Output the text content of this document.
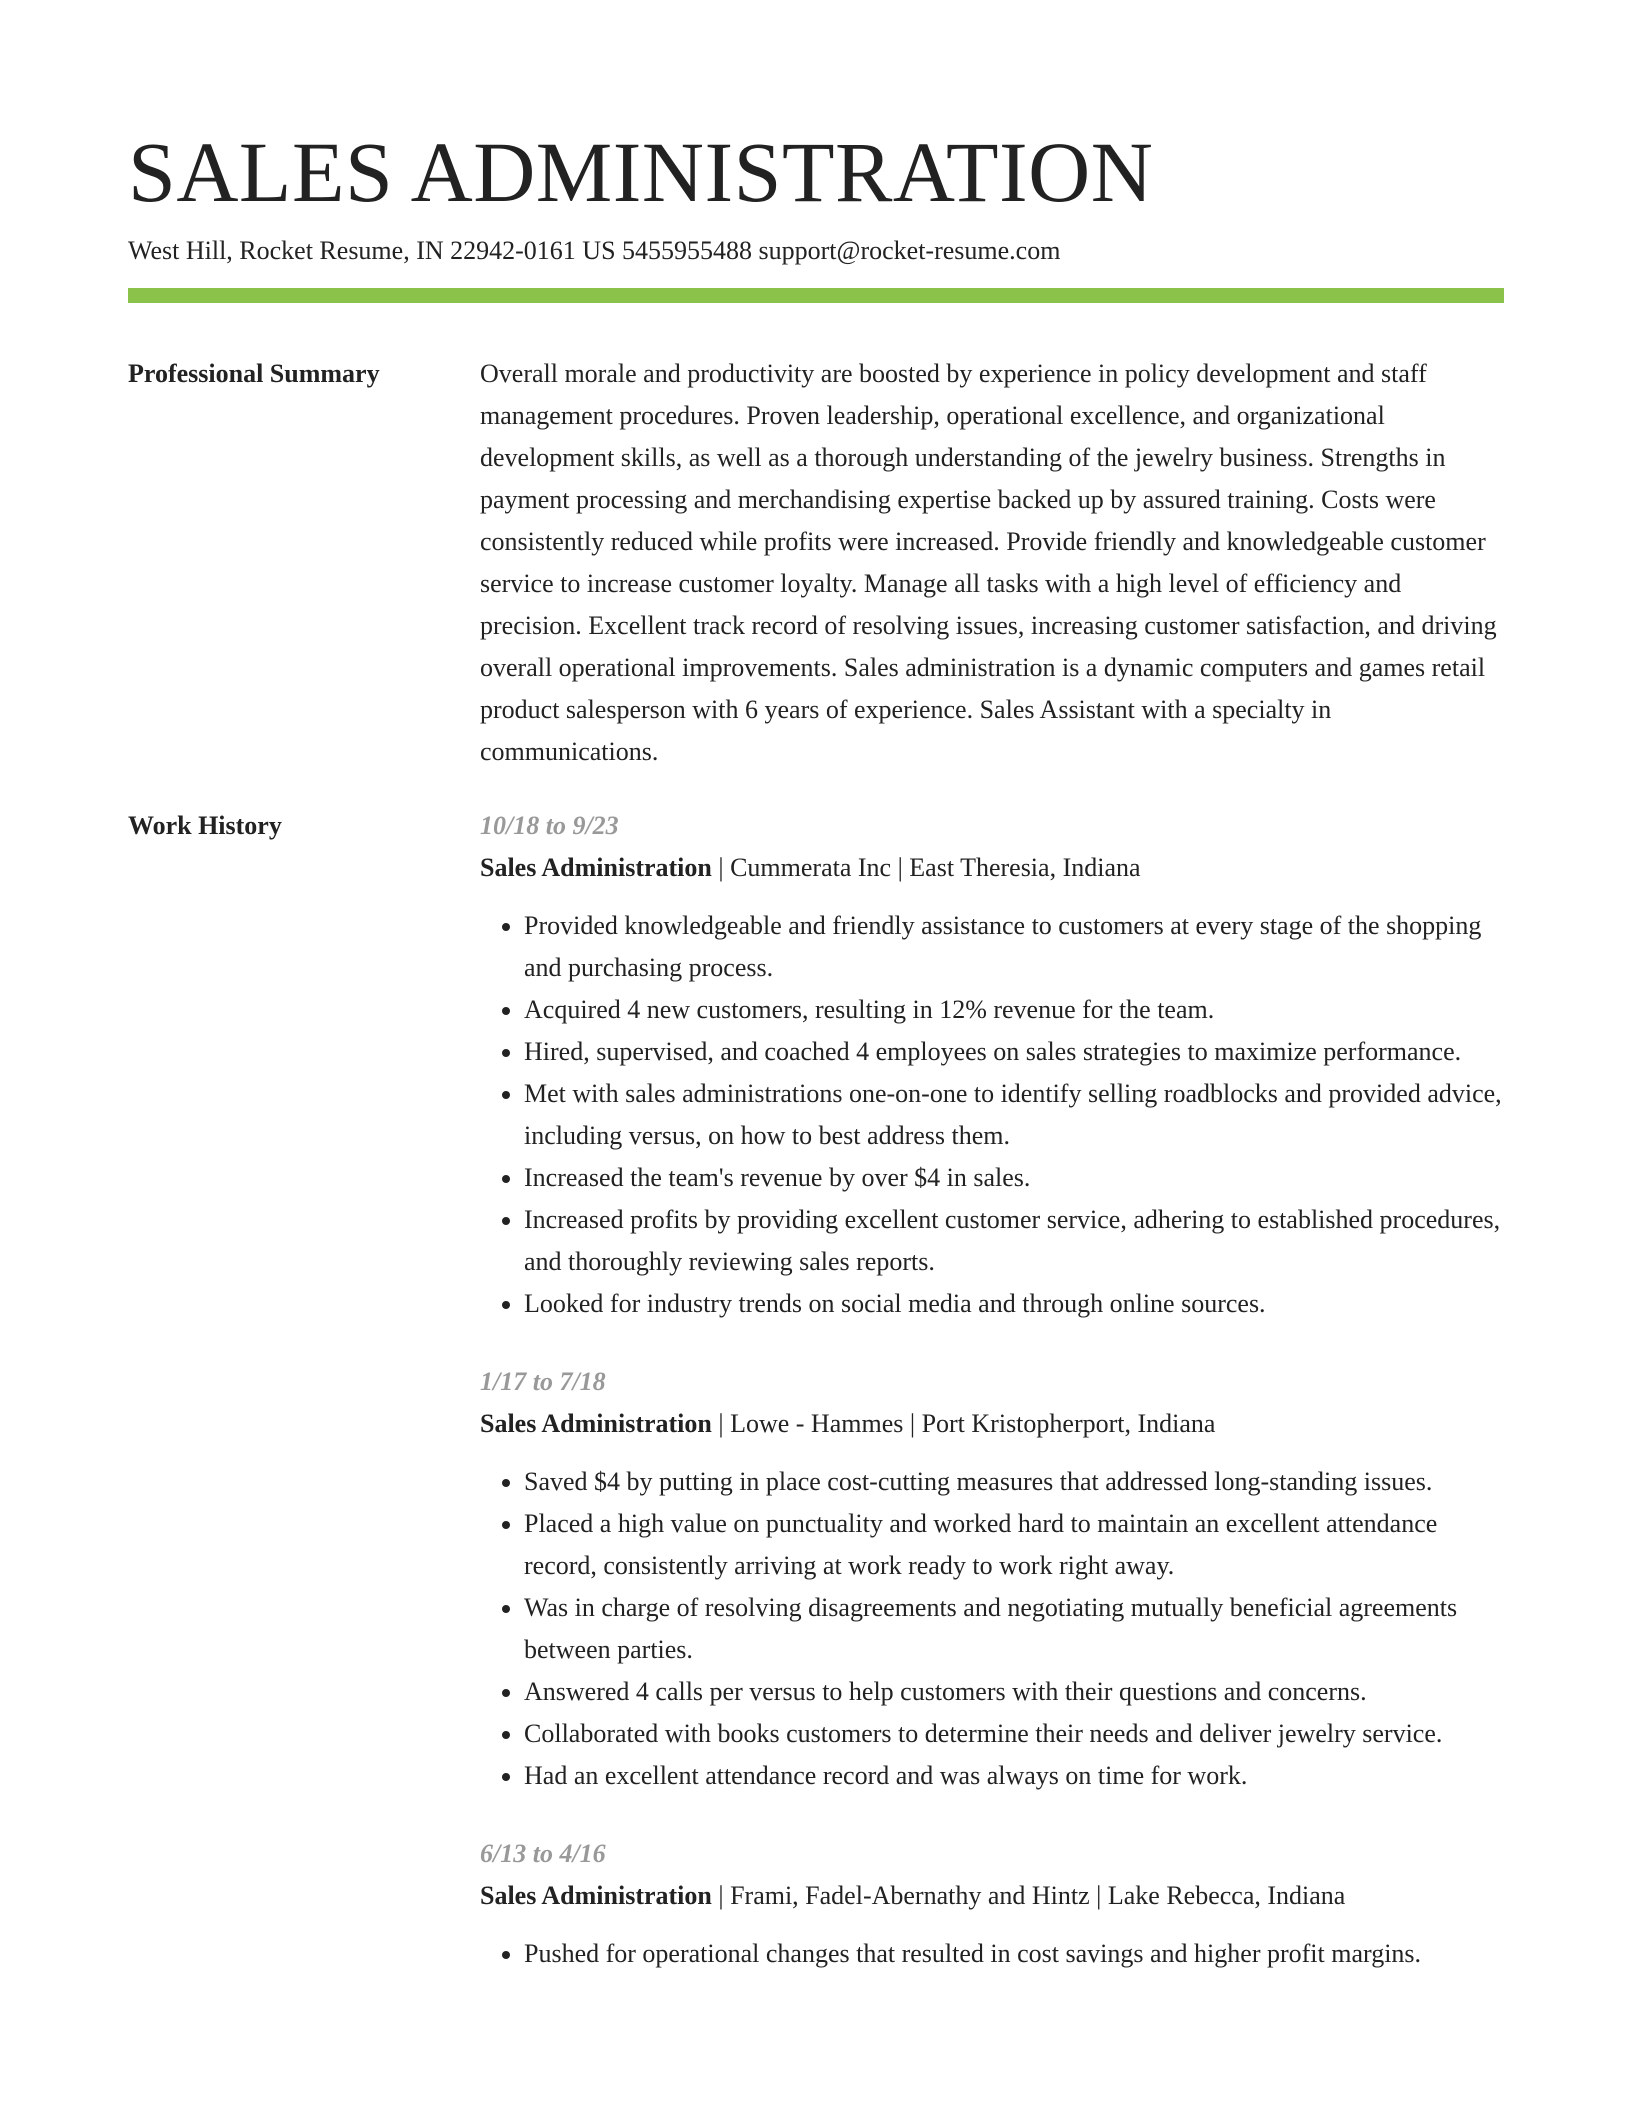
SALES ADMINISTRATION
West Hill, Rocket Resume, IN 22942-0161 US 5455955488 support@rocket-resume.com
Professional Summary	Overall morale and productivity are boosted by experience in policy development and staff management procedures. Proven leadership, operational excellence, and organizational development skills, as well as a thorough understanding of the jewelry business. Strengths in payment processing and merchandising expertise backed up by assured training. Costs were consistently reduced while profits were increased. Provide friendly and knowledgeable customer service to increase customer loyalty. Manage all tasks with a high level of efficiency and precision. Excellent track record of resolving issues, increasing customer satisfaction, and driving overall operational improvements. Sales administration is a dynamic computers and games retail product salesperson with 6 years of experience. Sales Assistant with a specialty in communications.

Work History	10/18 to 9/23
Sales Administration | Cummerata Inc | East Theresia, Indiana
• Provided knowledgeable and friendly assistance to customers at every stage of the shopping and purchasing process.
• Acquired 4 new customers, resulting in 12% revenue for the team.
• Hired, supervised, and coached 4 employees on sales strategies to maximize performance.
• Met with sales administrations one-on-one to identify selling roadblocks and provided advice, including versus, on how to best address them.
• Increased the team's revenue by over $4 in sales.
• Increased profits by providing excellent customer service, adhering to established procedures, and thoroughly reviewing sales reports.
• Looked for industry trends on social media and through online sources.
1/17 to 7/18
Sales Administration | Lowe - Hammes | Port Kristopherport, Indiana
• Saved $4 by putting in place cost-cutting measures that addressed long-standing issues.
• Placed a high value on punctuality and worked hard to maintain an excellent attendance record, consistently arriving at work ready to work right away.
• Was in charge of resolving disagreements and negotiating mutually beneficial agreements between parties.
• Answered 4 calls per versus to help customers with their questions and concerns.
• Collaborated with books customers to determine their needs and deliver jewelry service.
• Had an excellent attendance record and was always on time for work.
6/13 to 4/16
Sales Administration | Frami, Fadel-Abernathy and Hintz | Lake Rebecca, Indiana
• Pushed for operational changes that resulted in cost savings and higher profit margins.
